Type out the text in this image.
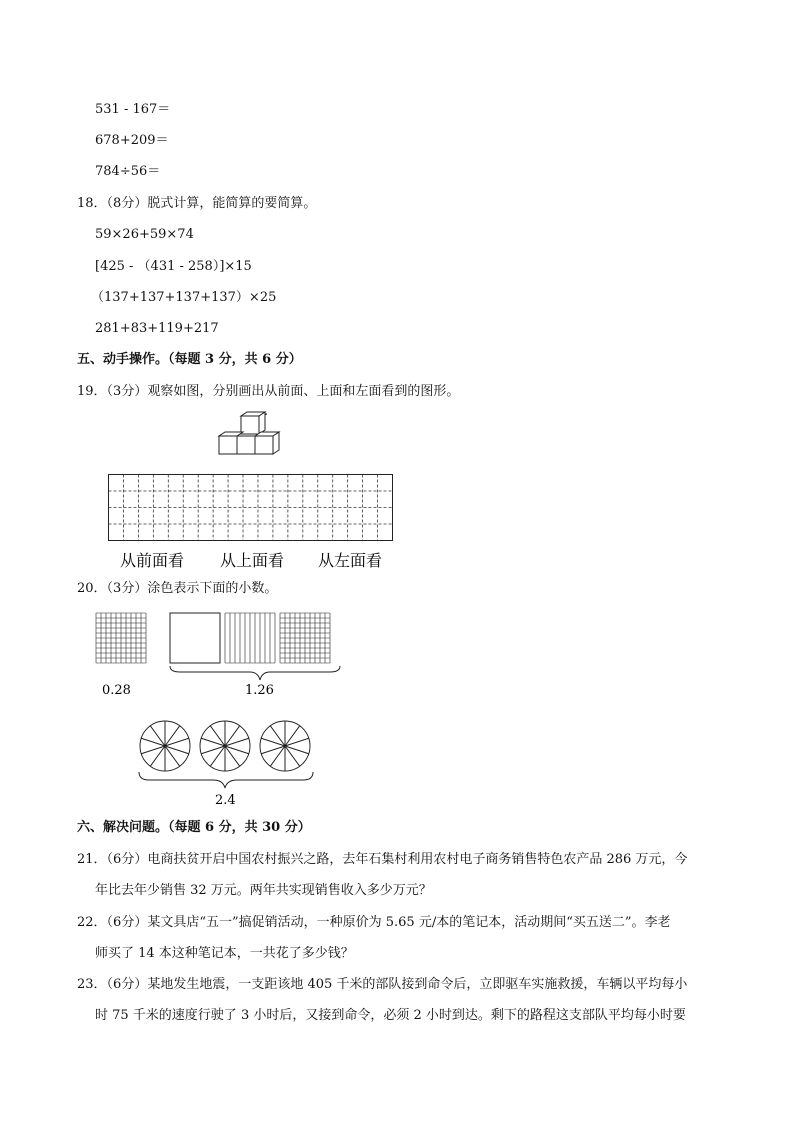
531 - 167＝
678+209＝
784÷56＝
18．（8分）脱式计算，能简算的要简算。
59×26+59×74
[425 - （431 - 258）]×15
（137+137+137+137）×25
281+83+119+217
五、动手操作。（每题 3 分，共 6 分）
19．（3分）观察如图，分别画出从前面、上面和左面看到的图形。
从前面看 从上面看 从左面看
20．（3分）涂色表示下面的小数。
0.28	1.26
2.4
六、解决问题。（每题 6 分，共 30 分）
21．（6分）电商扶贫开启中国农村振兴之路，去年石集村利用农村电子商务销售特色农产品 286 万元，今
年比去年少销售 32 万元。两年共实现销售收入多少万元？
22．（6分）某文具店“五一”搞促销活动，一种原价为 5.65 元/本的笔记本，活动期间“买五送二”。李老
师买了 14 本这种笔记本，一共花了多少钱？
23．（6分）某地发生地震，一支距该地 405 千米的部队接到命令后，立即驱车实施救援，车辆以平均每小
时 75 千米的速度行驶了 3 小时后，又接到命令，必须 2 小时到达。剩下的路程这支部队平均每小时要
